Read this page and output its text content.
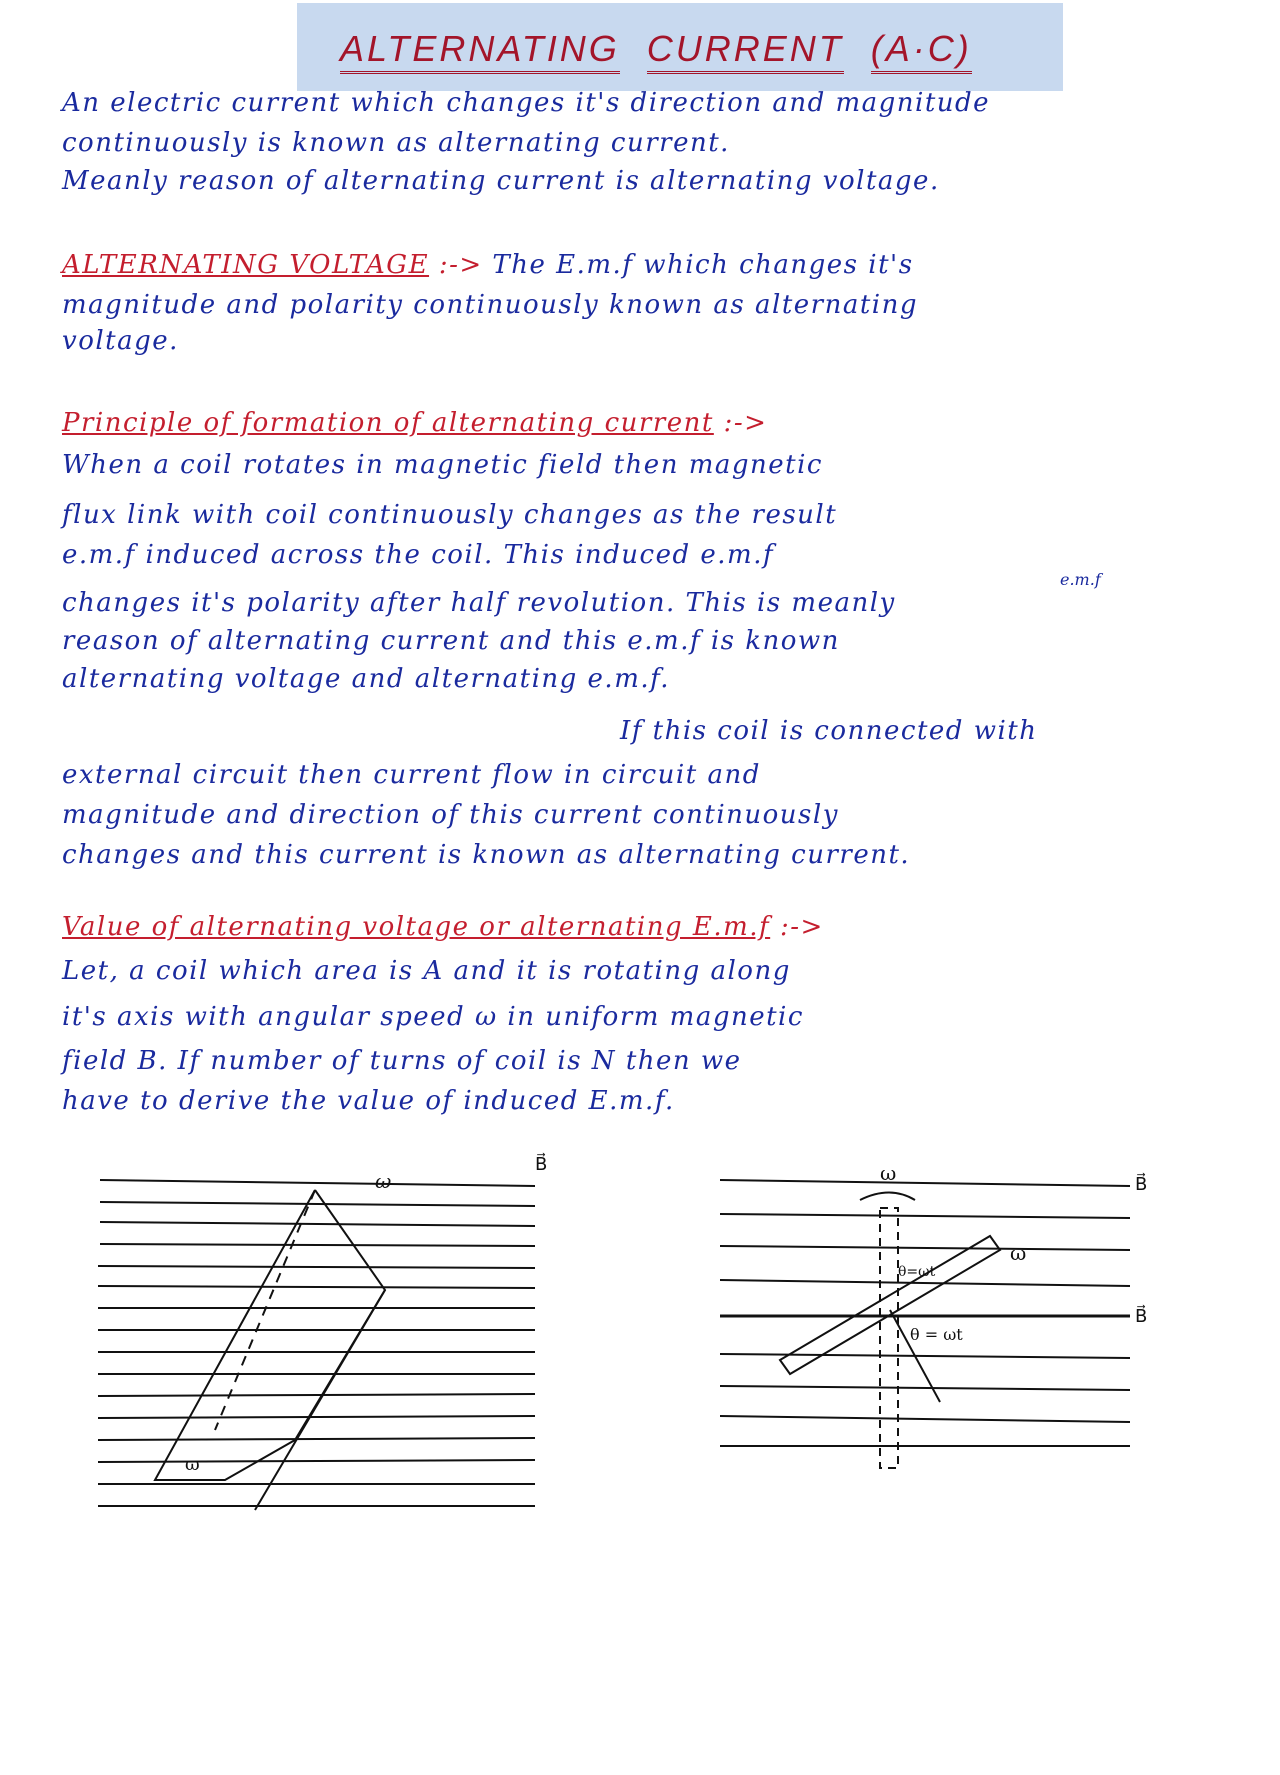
ALTERNATING CURRENT (A·C)
An electric current which changes it's direction and magnitude
continuously is known as alternating current.
Meanly reason of alternating current is alternating voltage.
ALTERNATING VOLTAGE :-> The E.m.f which changes it's
magnitude and polarity continuously known as alternating
voltage.
Principle of formation of alternating current :->
When a coil rotates in magnetic field then magnetic
flux link with coil continuously changes as the result
e.m.f induced across the coil. This induced e.m.f
e.m.f
changes it's polarity after half revolution. This is meanly
reason of alternating current and this e.m.f is known
alternating voltage and alternating e.m.f.
If this coil is connected with
external circuit then current flow in circuit and
magnitude and direction of this current continuously
changes and this current is known as alternating current.
Value of alternating voltage or alternating E.m.f :->
Let, a coil which area is A and it is rotating along
it's axis with angular speed ω in uniform magnetic
field B. If number of turns of coil is N then we
have to derive the value of induced E.m.f.
ω
B⃗
ω
ω
ω
θ=ωt
θ = ωt
B⃗
B⃗
